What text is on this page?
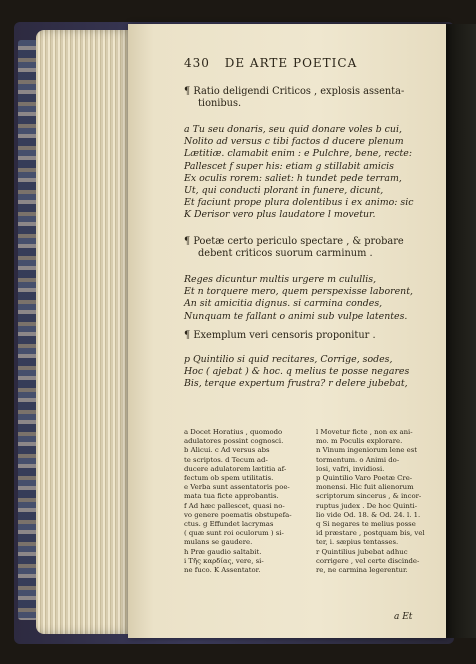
430 DE ARTE POETICA
¶ Ratio deligendi Criticos , explosis assenta-
tionibus.
a Tu seu donaris, seu quid donare voles b cui,
Nolito ad versus c tibi factos d ducere plenum
Lætitiæ. clamabit enim : e Pulchre, bene, recte:
Pallescet f super his: etiam g stillabit amicis
Ex oculis rorem: saliet: h tundet pede terram,
Ut, qui conducti plorant in funere, dicunt,
Et faciunt prope plura dolentibus i ex animo: sic
K Derisor vero plus laudatore l movetur.
¶ Poetæ certo periculo spectare , & probare
debent criticos suorum carminum .
Reges dicuntur multis urgere m culullis,
Et n torquere mero, quem perspexisse laborent,
An sit amicitia dignus. si carmina condes,
Nunquam te fallant o animi sub vulpe latentes.
¶ Exemplum veri censoris proponitur .
p Quintilio si quid recitares, Corrige, sodes,
Hoc ( ajebat ) & hoc. q melius te posse negares
Bis, terque expertum frustra? r delere jubebat,
a Docet Horatius , quomodo
adulatores possint cognosci.
b Alicui. c Ad versus abs
te scriptos. d Tecum ad-
ducere adulatorem lætitia af-
fectum ob spem utilitatis.
e Verba sunt assentatoris poe-
mata tua ficte approbantis.
f Ad hæc pallescet, quasi no-
vo genere poematis obstupefa-
ctus. g Effundet lacrymas
( quæ sunt roi oculorum ) si-
mulans se gaudere.
h Præ gaudio saltabit.
i Τῆς καρδίας, vere, si-
ne fuco. K Assentator.
l Movetur ficte , non ex ani-
mo. m Poculis explorare.
n Vinum ingeniorum lene est
tormentum. o Animi do-
losi, vafri, invidiosi.
p Quintilio Varo Poetæ Cre-
monensi. Hic fuit alienorum
scriptorum sincerus , & incor-
ruptus judex . De hoc Quinti-
lio vide Od. 18. & Od. 24. l. 1.
q Si negares te melius posse
id præstare , postquam bis, vel
ter, i. sæpius tentasses.
r Quintilius jubebat adhuc
corrigere , vel certe discinde-
re, ne carmina legerentur.
a Et
